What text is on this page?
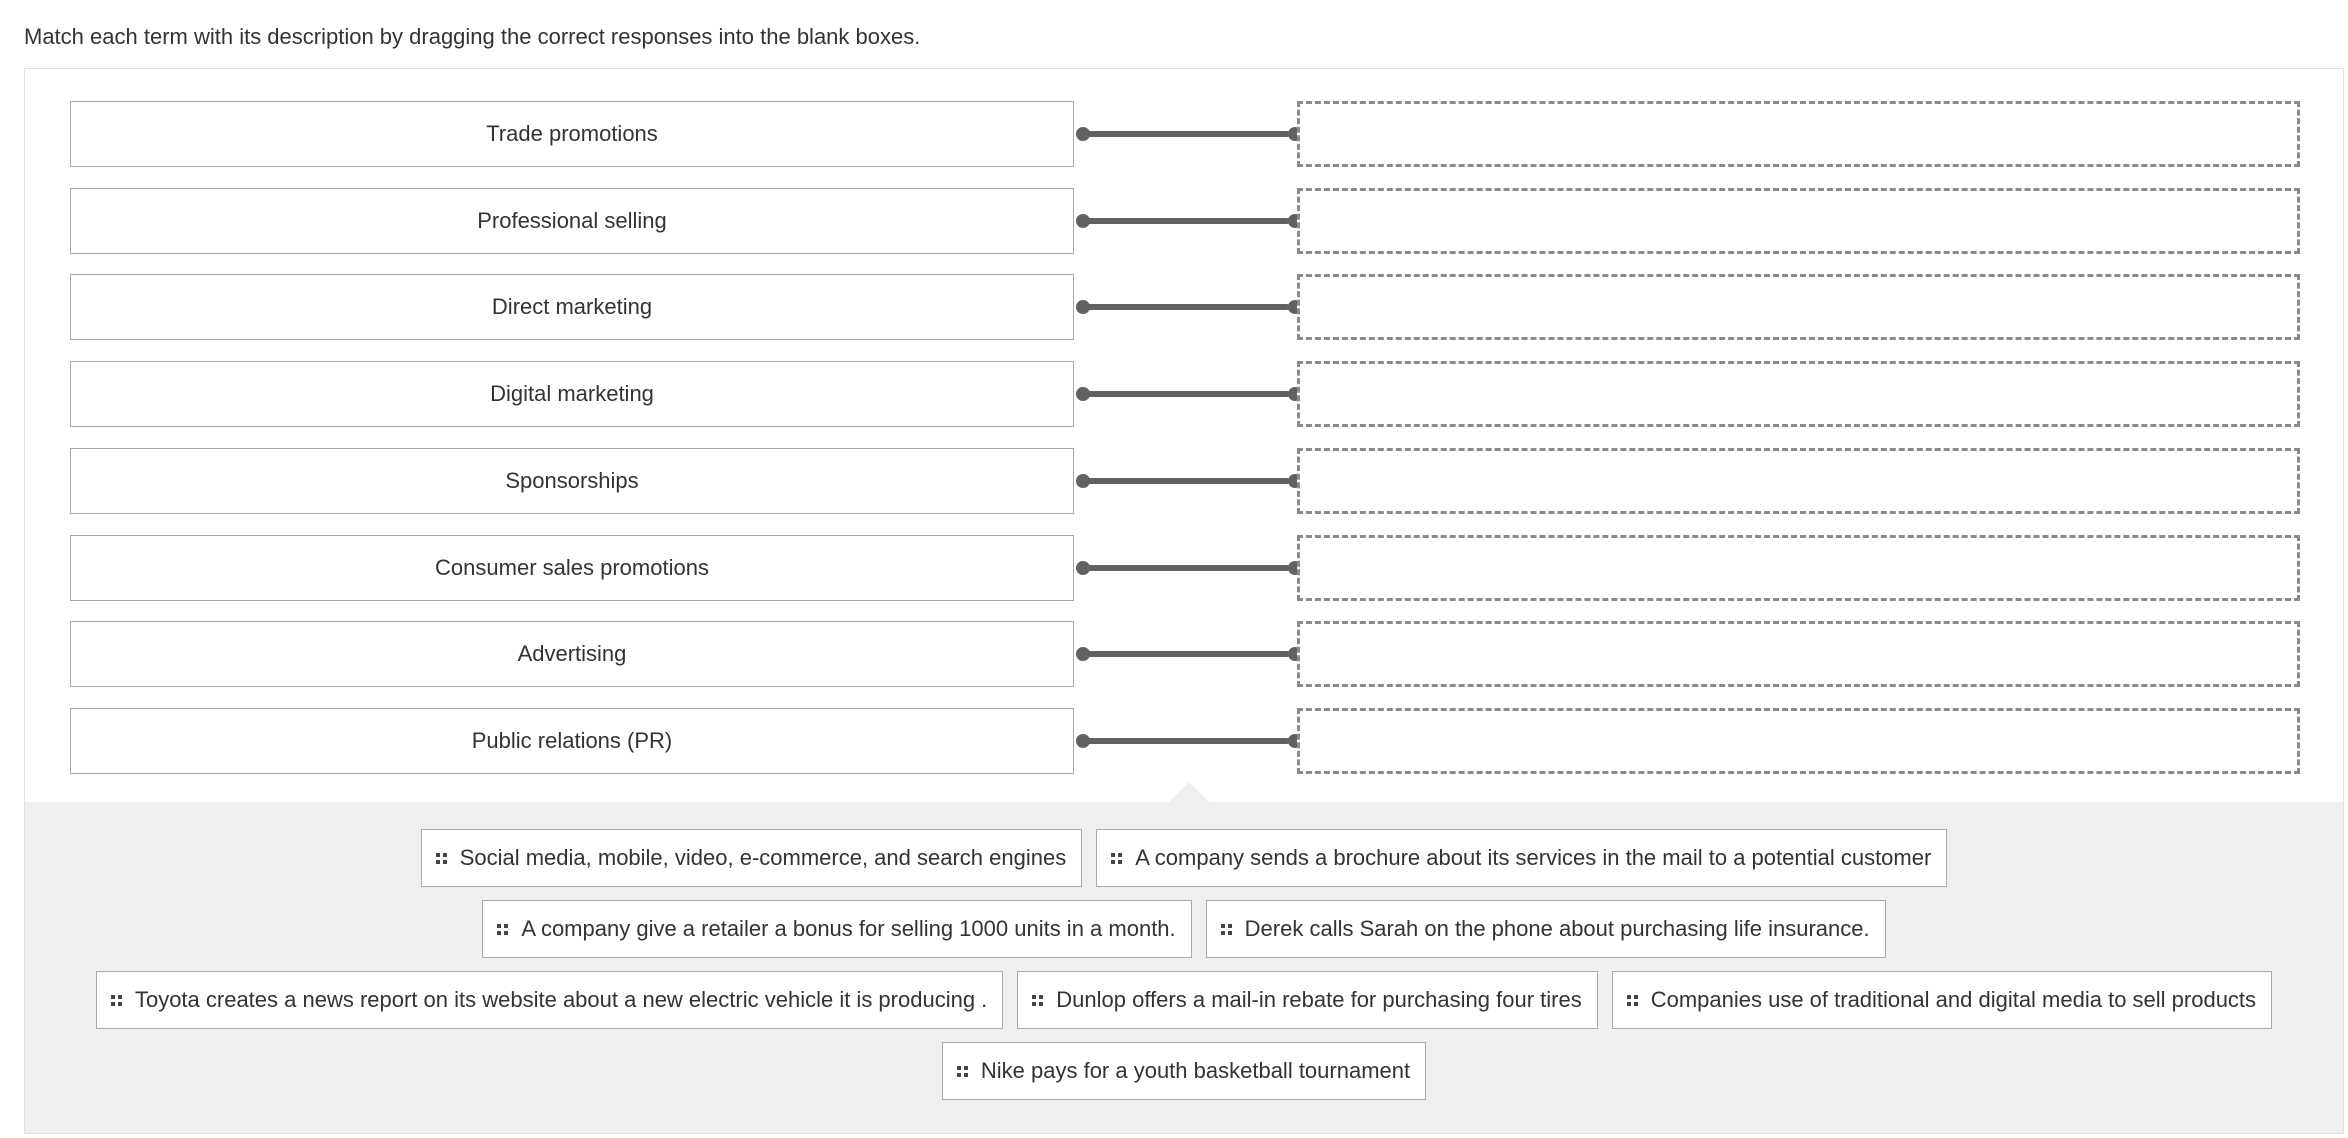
Match each term with its description by dragging the correct responses into the blank boxes.
Trade promotions
Professional selling
Direct marketing
Digital marketing
Sponsorships
Consumer sales promotions
Advertising
Public relations (PR)
Social media, mobile, video, e-commerce, and search engines	A company sends a brochure about its services in the mail to a potential customer
A company give a retailer a bonus for selling 1000 units in a month.	Derek calls Sarah on the phone about purchasing life insurance.
Toyota creates a news report on its website about a new electric vehicle it is producing .	Dunlop offers a mail-in rebate for purchasing four tires	Companies use of traditional and digital media to sell products
Nike pays for a youth basketball tournament
